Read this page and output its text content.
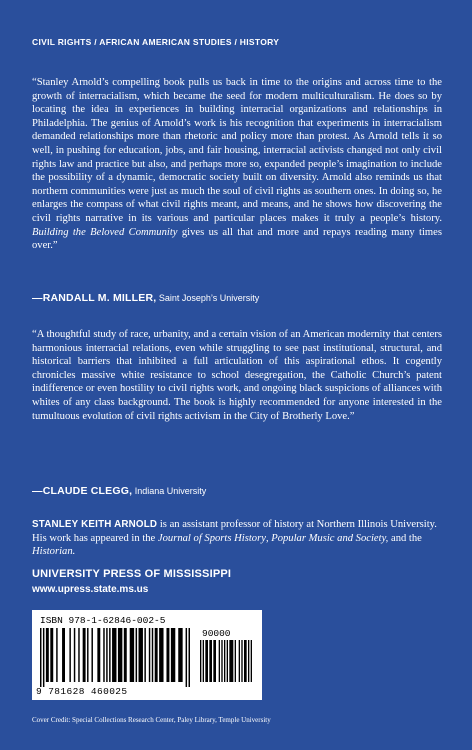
CIVIL RIGHTS / AFRICAN AMERICAN STUDIES / HISTORY

“Stanley Arnold’s compelling book pulls us back in time to the origins and across time to the growth of interracialism, which became the seed for modern multiculturalism. He does so by locating the idea in experiences in building interracial organizations and relationships in Philadelphia. The genius of Arnold’s work is his recognition that experiments in interracialism demanded relationships more than rhetoric and policy more than protest. As Arnold tells it so well, in pushing for education, jobs, and fair housing, interracial activists changed not only civil rights law and practice but also, and perhaps more so, expanded people’s imagination to include the possibility of a dynamic, democratic society built on diversity. Arnold also reminds us that northern communities were just as much the soul of civil rights as southern ones. In doing so, he enlarges the compass of what civil rights meant, and means, and he shows how discovering the civil rights narrative in its various and particular places makes it truly a people’s history. Building the Beloved Community gives us all that and more and repays reading many times over.”

—RANDALL M. MILLER, Saint Joseph’s University

“A thoughtful study of race, urbanity, and a certain vision of an American modernity that centers harmonious interracial relations, even while struggling to see past institutional, structural, and historical barriers that inhibited a full articulation of this aspirational ethos. It cogently chronicles massive white resistance to school desegregation, the Catholic Church’s patent indifference or even hostility to civil rights work, and ongoing black suspicions of alliances with whites of any class background. The book is highly recommended for anyone interested in the tumultuous evolution of civil rights activism in the City of Brotherly Love.”

—CLAUDE CLEGG, Indiana University

STANLEY KEITH ARNOLD is an assistant professor of history at Northern Illinois University. His work has appeared in the Journal of Sports History, Popular Music and Society, and the Historian.

UNIVERSITY PRESS OF MISSISSIPPI
www.upress.state.ms.us
ISBN 978-1-62846-002-5
90000
9 781628 460025
Cover Credit: Special Collections Research Center, Paley Library, Temple University
